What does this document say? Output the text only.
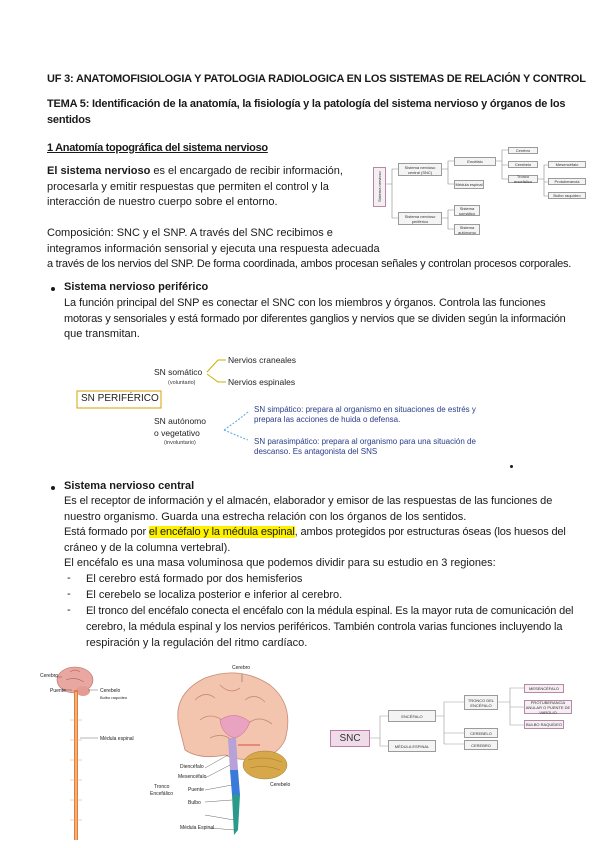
UF 3: ANATOMOFISIOLOGIA Y PATOLOGIA RADIOLOGICA EN LOS SISTEMAS DE RELACIÓN Y CONTROL
TEMA 5: Identificación de la anatomía, la fisiología y la patología del sistema nervioso y órganos de los
sentidos
1 Anatomía topográfica del sistema nervioso
El sistema nervioso es el encargado de recibir información,
procesarla y emitir respuestas que permiten el control y la
interacción de nuestro cuerpo sobre el entorno.
Composición: SNC y el SNP. A través del SNC recibimos e
integramos información sensorial y ejecuta una respuesta adecuada
a través de los nervios del SNP. De forma coordinada, ambos procesan señales y controlan procesos corporales.
Sistema nervioso
Sistema nervioso central (SNC)
Sistema nervioso periférico
Encéfalo
Médula espinal
Cerebro
Cerebelo
Tronco encefálico
Mesencéfalo
Protuberancia
Bulbo raquídeo
Sistema somático
Sistema autónomo
Sistema nervioso periférico
La función principal del SNP es conectar el SNC con los miembros y órganos. Controla las funciones
motoras y sensoriales y está formado por diferentes ganglios y nervios que se dividen según la información
que transmitan.
SN somático
(voluntario)
Nervios craneales
Nervios espinales
SN PERIFÉRICO
SN autónomo
o vegetativo
(involuntario)
SN simpático: prepara al organismo en situaciones de estrés y
prepara las acciones de huida o defensa.
SN parasimpático: prepara al organismo para una situación de
descanso. Es antagonista del SNS
Sistema nervioso central
Es el receptor de información y el almacén, elaborador y emisor de las respuestas de las funciones de
nuestro organismo. Guarda una estrecha relación con los órganos de los sentidos.
Está formado por el encéfalo y la médula espinal, ambos protegidos por estructuras óseas (los huesos del
cráneo y de la columna vertebral).
El encéfalo es una masa voluminosa que podemos dividir para su estudio en 3 regiones:
- El cerebro está formado por dos hemisferios
- El cerebelo se localiza posterior e inferior al cerebro.
- El tronco del encéfalo conecta el encéfalo con la médula espinal. Es la mayor ruta de comunicación del
cerebro, la médula espinal y los nervios periféricos. También controla varias funciones incluyendo la
respiración y la regulación del ritmo cardíaco.
Cerebro
Puente	Cerebelo
Bulbo raquídeo
Médula espinal
Cerebro
Diencéfalo
Mesencéfalo
Tronco
Encefálico
Puente
Bulbo
Médula Espinal
Cerebelo
SNC
ENCÉFALO
MÉDULA ESPINAL
TRONCO DEL ENCÉFALO
CEREBELO
CEREBRO
MESENCÉFALO
PROTUBERANCIA ANULAR O PUENTE DE VAROLIO
BULBO RAQUÍDEO
